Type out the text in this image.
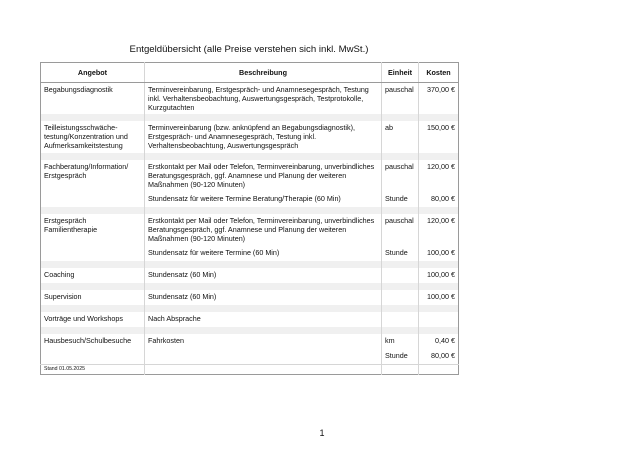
Entgeldübersicht (alle Preise verstehen sich inkl. MwSt.)
Angebot	Beschreibung	Einheit	Kosten
Begabungsdiagnostik	Terminvereinbarung, Erstgespräch- und Anamnesegespräch, Testung inkl. Verhaltensbeobachtung, Auswertungsgespräch, Testprotokolle, Kurzgutachten	pauschal	370,00 €

Teilleistungsschwäche-testung/Konzentration und Aufmerksamkeitstestung	Terminvereinbarung (bzw. anknüpfend an Begabungsdiagnostik), Erstgespräch- und Anamnesegespräch, Testung inkl. Verhaltensbeobachtung, Auswertungsgespräch	ab	150,00 €

Fachberatung/Information/ Erstgespräch	Erstkontakt per Mail oder Telefon, Terminvereinbarung, unverbindliches Beratungsgespräch, ggf. Anamnese und Planung der weiteren Maßnahmen (90-120 Minuten)	pauschal	120,00 €
	Stundensatz für weitere Termine Beratung/Therapie (60 Min)	Stunde	80,00 €

Erstgespräch Familientherapie	Erstkontakt per Mail oder Telefon, Terminvereinbarung, unverbindliches Beratungsgespräch, ggf. Anamnese und Planung der weiteren Maßnahmen (90-120 Minuten)	pauschal	120,00 €
	Stundensatz für weitere Termine (60 Min)	Stunde	100,00 €

Coaching	Stundensatz (60 Min)		100,00 €

Supervision	Stundensatz (60 Min)		100,00 €

Vorträge und Workshops	Nach Absprache		

Hausbesuch/Schulbesuche	Fahrkosten	km	0,40 €
		Stunde	80,00 €
Stand 01.05.2025			
1
